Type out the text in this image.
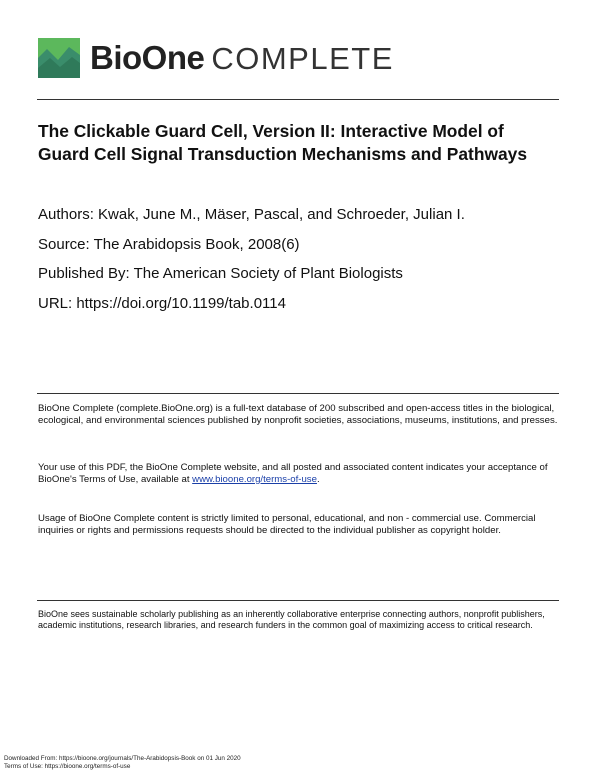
BioOne COMPLETE
The Clickable Guard Cell, Version II: Interactive Model of Guard Cell Signal Transduction Mechanisms and Pathways
Authors: Kwak, June M., Mäser, Pascal, and Schroeder, Julian I.
Source: The Arabidopsis Book, 2008(6)
Published By: The American Society of Plant Biologists
URL: https://doi.org/10.1199/tab.0114

BioOne Complete (complete.BioOne.org) is a full-text database of 200 subscribed and open-access titles in the biological, ecological, and environmental sciences published by nonprofit societies, associations, museums, institutions, and presses.

Your use of this PDF, the BioOne Complete website, and all posted and associated content indicates your acceptance of BioOne's Terms of Use, available at www.bioone.org/terms-of-use.

Usage of BioOne Complete content is strictly limited to personal, educational, and non - commercial use. Commercial inquiries or rights and permissions requests should be directed to the individual publisher as copyright holder.

BioOne sees sustainable scholarly publishing as an inherently collaborative enterprise connecting authors, nonprofit publishers, academic institutions, research libraries, and research funders in the common goal of maximizing access to critical research.

Downloaded From: https://bioone.org/journals/The-Arabidopsis-Book on 01 Jun 2020
Terms of Use: https://bioone.org/terms-of-use
